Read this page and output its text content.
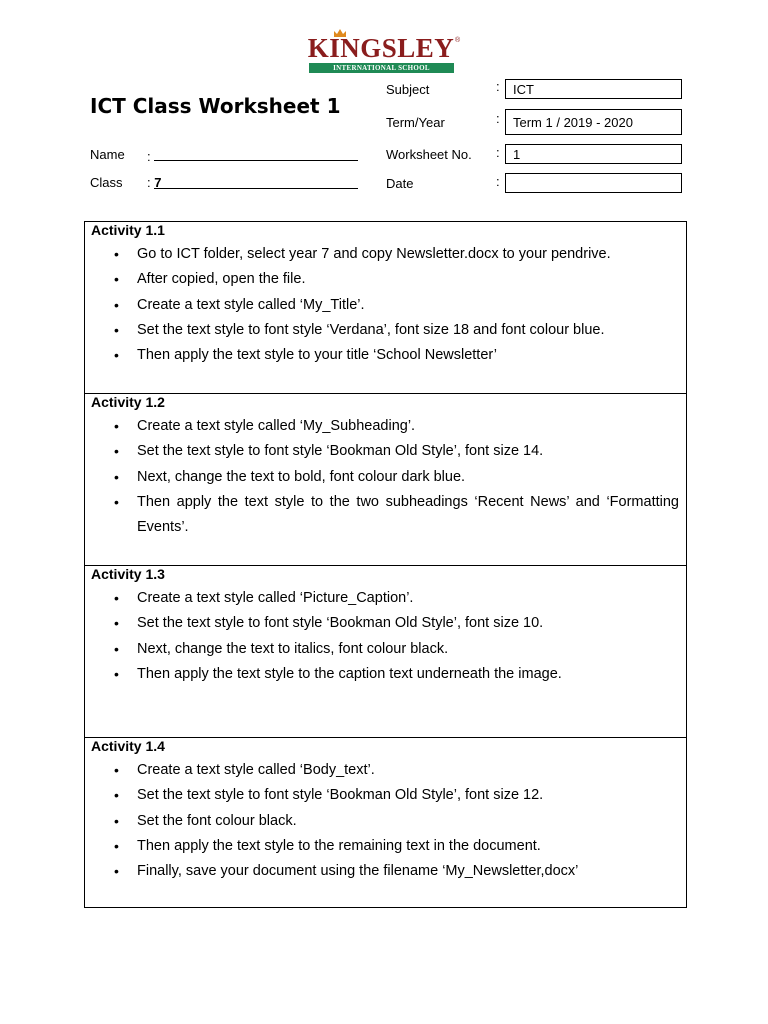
KINGSLEY ®
INTERNATIONAL SCHOOL
ICT Class Worksheet 1
Name :
Class : 7
Subject	:	ICT
Term/Year	:	Term 1 / 2019 - 2020
Worksheet No. :	1
Date	:
Activity 1.1
• Go to ICT folder, select year 7 and copy Newsletter.docx to your pendrive.
• After copied, open the file.
• Create a text style called ‘My_Title’.
• Set the text style to font style ‘Verdana’, font size 18 and font colour blue.
• Then apply the text style to your title ‘School Newsletter’
Activity 1.2
• Create a text style called ‘My_Subheading’.
• Set the text style to font style ‘Bookman Old Style’, font size 14.
• Next, change the text to bold, font colour dark blue.
• Then apply the text style to the two subheadings ‘Recent News’ and ‘Formatting Events’.
Activity 1.3
• Create a text style called ‘Picture_Caption’.
• Set the text style to font style ‘Bookman Old Style’, font size 10.
• Next, change the text to italics, font colour black.
• Then apply the text style to the caption text underneath the image.
Activity 1.4
• Create a text style called ‘Body_text’.
• Set the text style to font style ‘Bookman Old Style’, font size 12.
• Set the font colour black.
• Then apply the text style to the remaining text in the document.
• Finally, save your document using the filename ‘My_Newsletter,docx’
